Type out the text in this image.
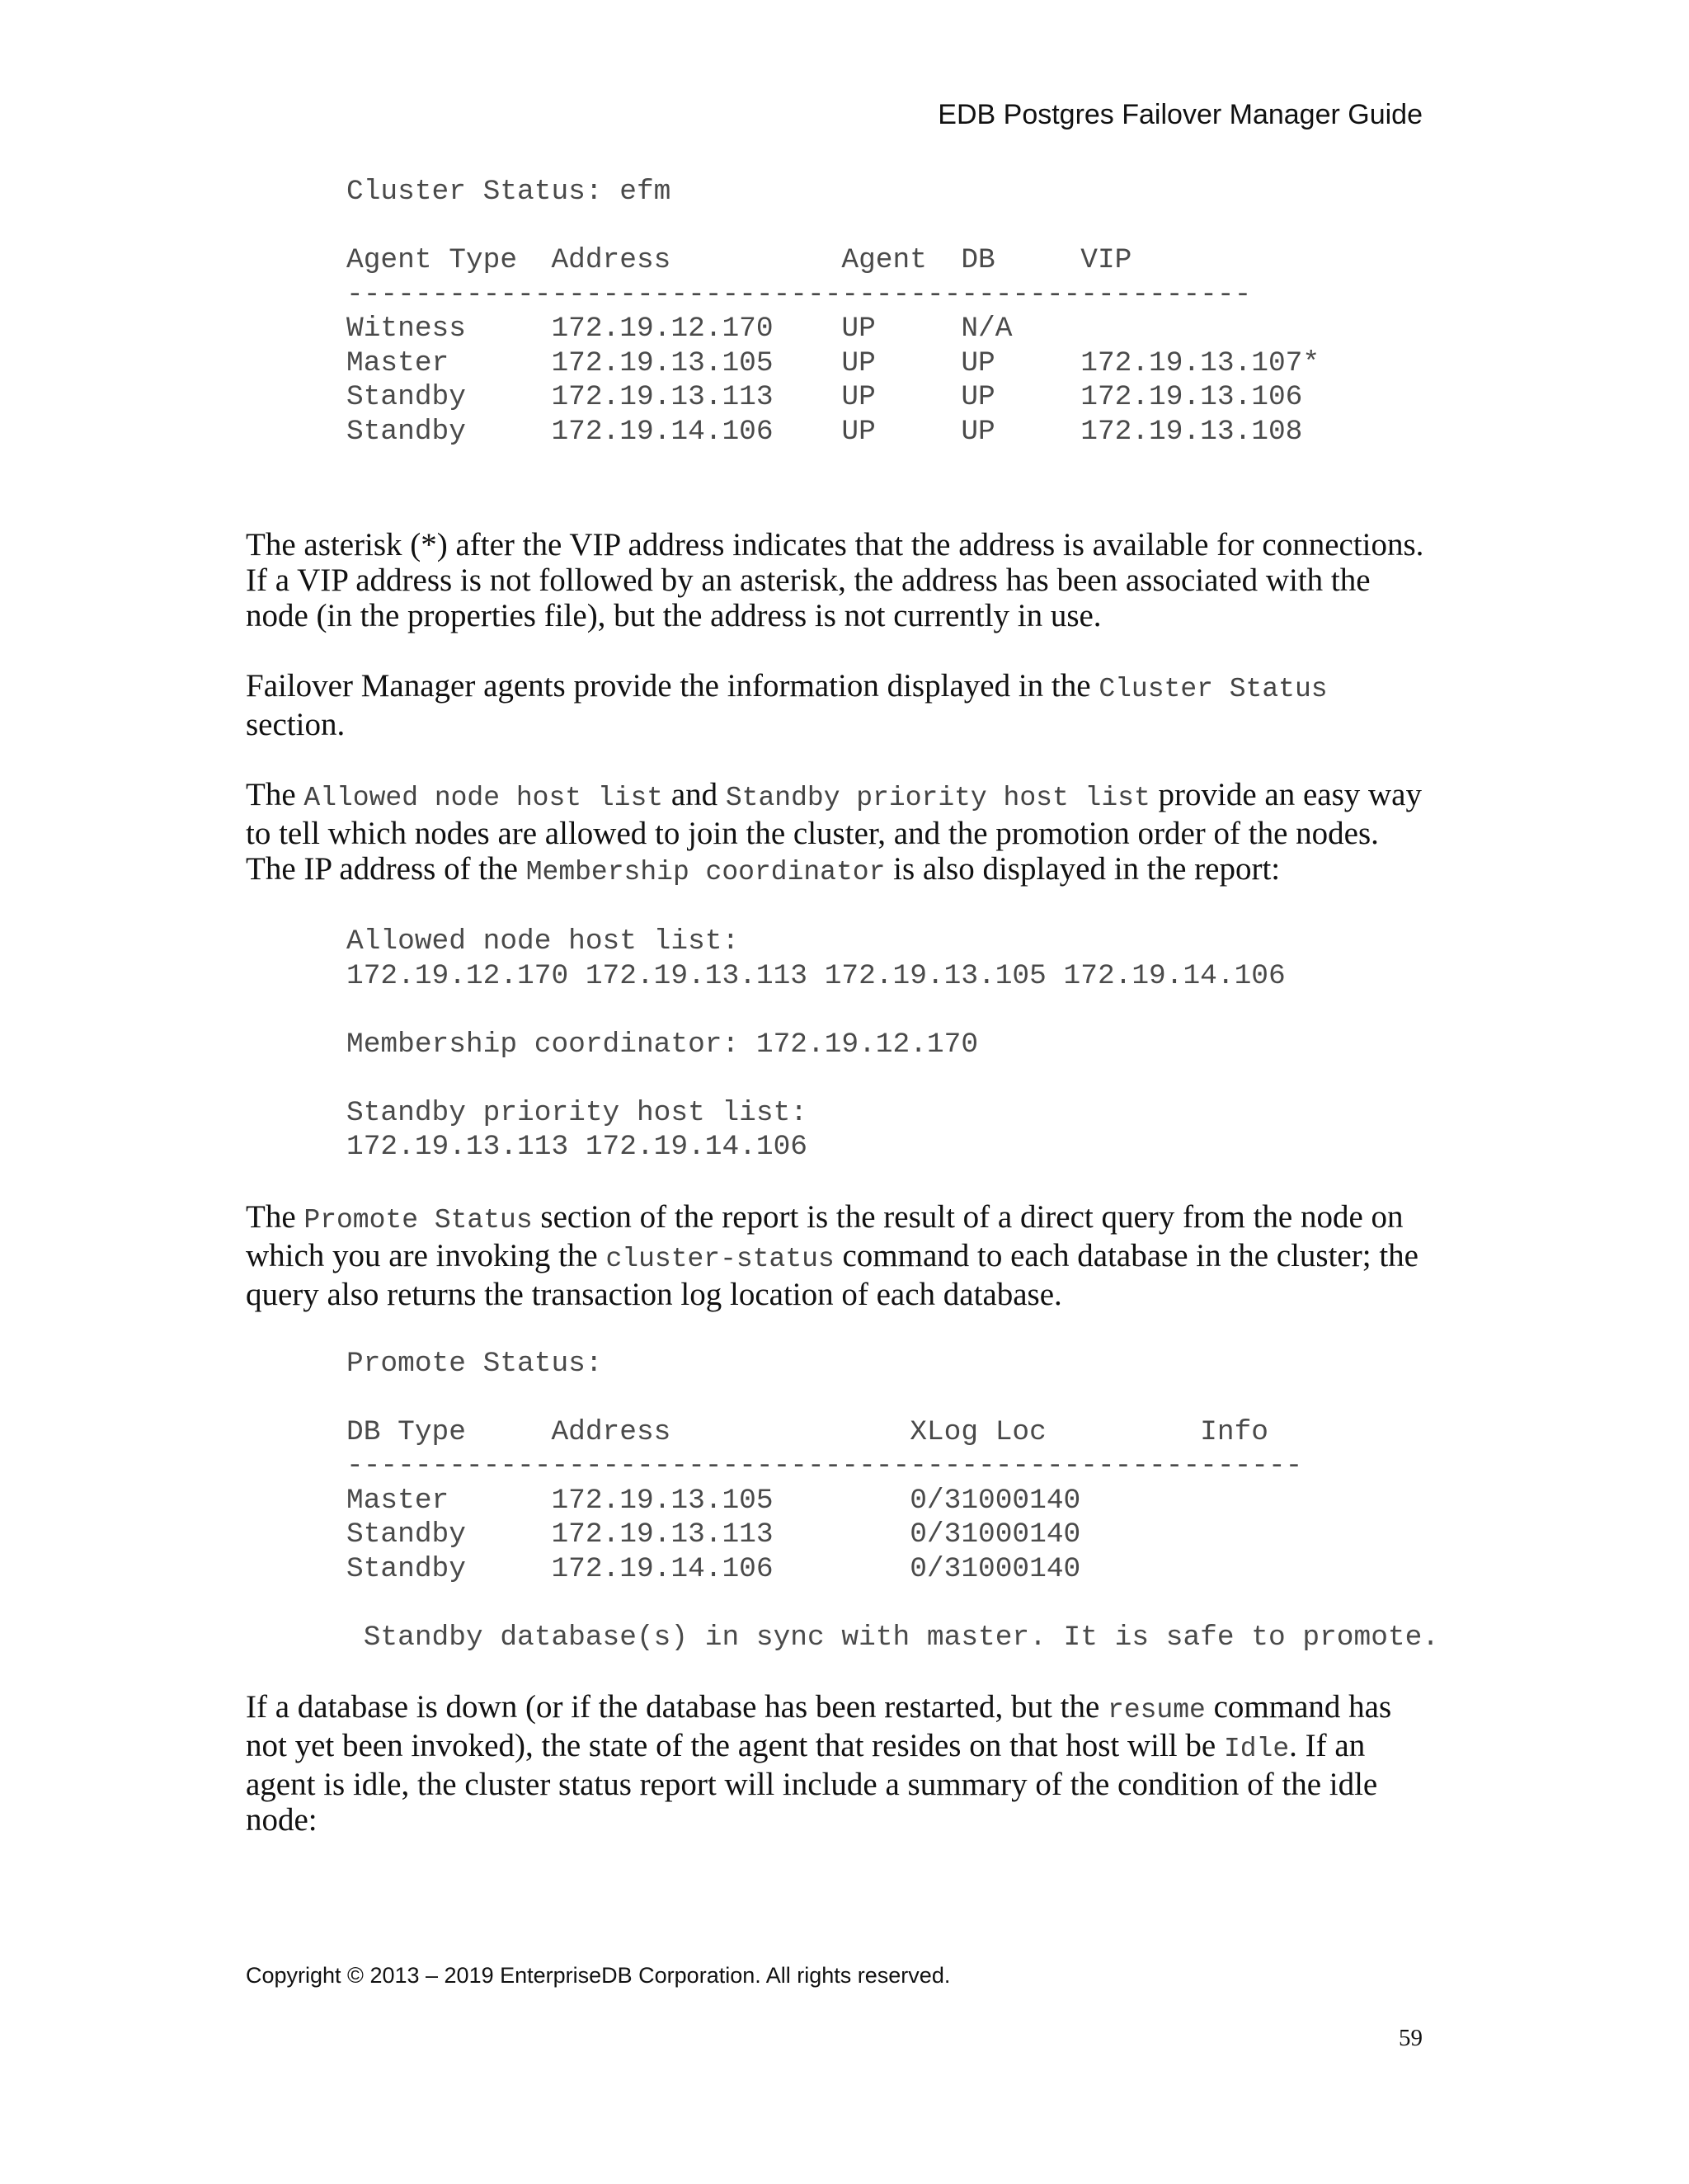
EDB Postgres Failover Manager Guide
Cluster Status: efm

Agent Type  Address          Agent  DB     VIP
-----------------------------------------------------
Witness     172.19.12.170    UP     N/A
Master      172.19.13.105    UP     UP     172.19.13.107*
Standby     172.19.13.113    UP     UP     172.19.13.106
Standby     172.19.14.106    UP     UP     172.19.13.108

The asterisk (*) after the VIP address indicates that the address is available for connections. If a VIP address is not followed by an asterisk, the address has been associated with the node (in the properties file), but the address is not currently in use.

Failover Manager agents provide the information displayed in the Cluster Status section.

The Allowed node host list and Standby priority host list provide an easy way to tell which nodes are allowed to join the cluster, and the promotion order of the nodes. The IP address of the Membership coordinator is also displayed in the report:

Allowed node host list:
172.19.12.170 172.19.13.113 172.19.13.105 172.19.14.106

Membership coordinator: 172.19.12.170

Standby priority host list:
172.19.13.113 172.19.14.106

The Promote Status section of the report is the result of a direct query from the node on which you are invoking the cluster-status command to each database in the cluster; the query also returns the transaction log location of each database.

Promote Status:

DB Type     Address              XLog Loc         Info
--------------------------------------------------------
Master      172.19.13.105        0/31000140
Standby     172.19.13.113        0/31000140
Standby     172.19.14.106        0/31000140

Standby database(s) in sync with master. It is safe to promote.

If a database is down (or if the database has been restarted, but the resume command has not yet been invoked), the state of the agent that resides on that host will be Idle. If an agent is idle, the cluster status report will include a summary of the condition of the idle node:

Copyright © 2013 – 2019 EnterpriseDB Corporation. All rights reserved.
59
